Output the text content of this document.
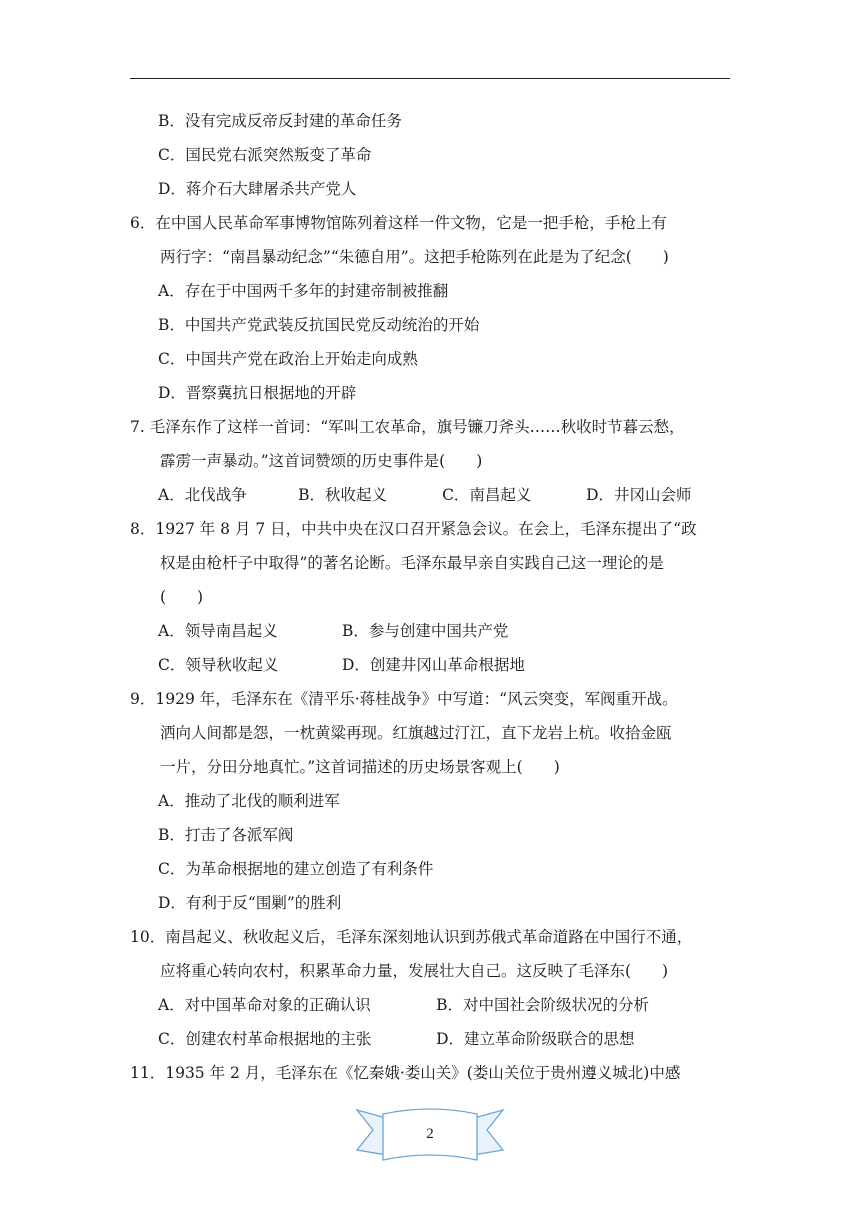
B．没有完成反帝反封建的革命任务
C．国民党右派突然叛变了革命
D．蒋介石大肆屠杀共产党人
6．在中国人民革命军事博物馆陈列着这样一件文物，它是一把手枪，手枪上有
两行字：“南昌暴动纪念”“朱德自用”。这把手枪陈列在此是为了纪念(　　)
A．存在于中国两千多年的封建帝制被推翻
B．中国共产党武装反抗国民党反动统治的开始
C．中国共产党在政治上开始走向成熟
D．晋察冀抗日根据地的开辟
7. 毛泽东作了这样一首词：“军叫工农革命，旗号镰刀斧头……秋收时节暮云愁，
霹雳一声暴动。”这首词赞颂的历史事件是(　　)
A．北伐战争	B．秋收起义	C．南昌起义	D．井冈山会师
8．1927 年 8 月 7 日，中共中央在汉口召开紧急会议。在会上，毛泽东提出了“政
权是由枪杆子中取得”的著名论断。毛泽东最早亲自实践自己这一理论的是
(　　)
A．领导南昌起义	B．参与创建中国共产党
C．领导秋收起义	D．创建井冈山革命根据地
9．1929 年，毛泽东在《清平乐·蒋桂战争》中写道：“风云突变，军阀重开战。
洒向人间都是怨，一枕黄粱再现。红旗越过汀江，直下龙岩上杭。收拾金瓯
一片，分田分地真忙。”这首词描述的历史场景客观上(　　)
A．推动了北伐的顺利进军
B．打击了各派军阀
C．为革命根据地的建立创造了有利条件
D．有利于反“围剿”的胜利
10．南昌起义、秋收起义后，毛泽东深刻地认识到苏俄式革命道路在中国行不通，
应将重心转向农村，积累革命力量，发展壮大自己。这反映了毛泽东(　　)
A．对中国革命对象的正确认识	B．对中国社会阶级状况的分析
C．创建农村革命根据地的主张	D．建立革命阶级联合的思想
11．1935 年 2 月，毛泽东在《忆秦娥·娄山关》(娄山关位于贵州遵义城北)中感
2
